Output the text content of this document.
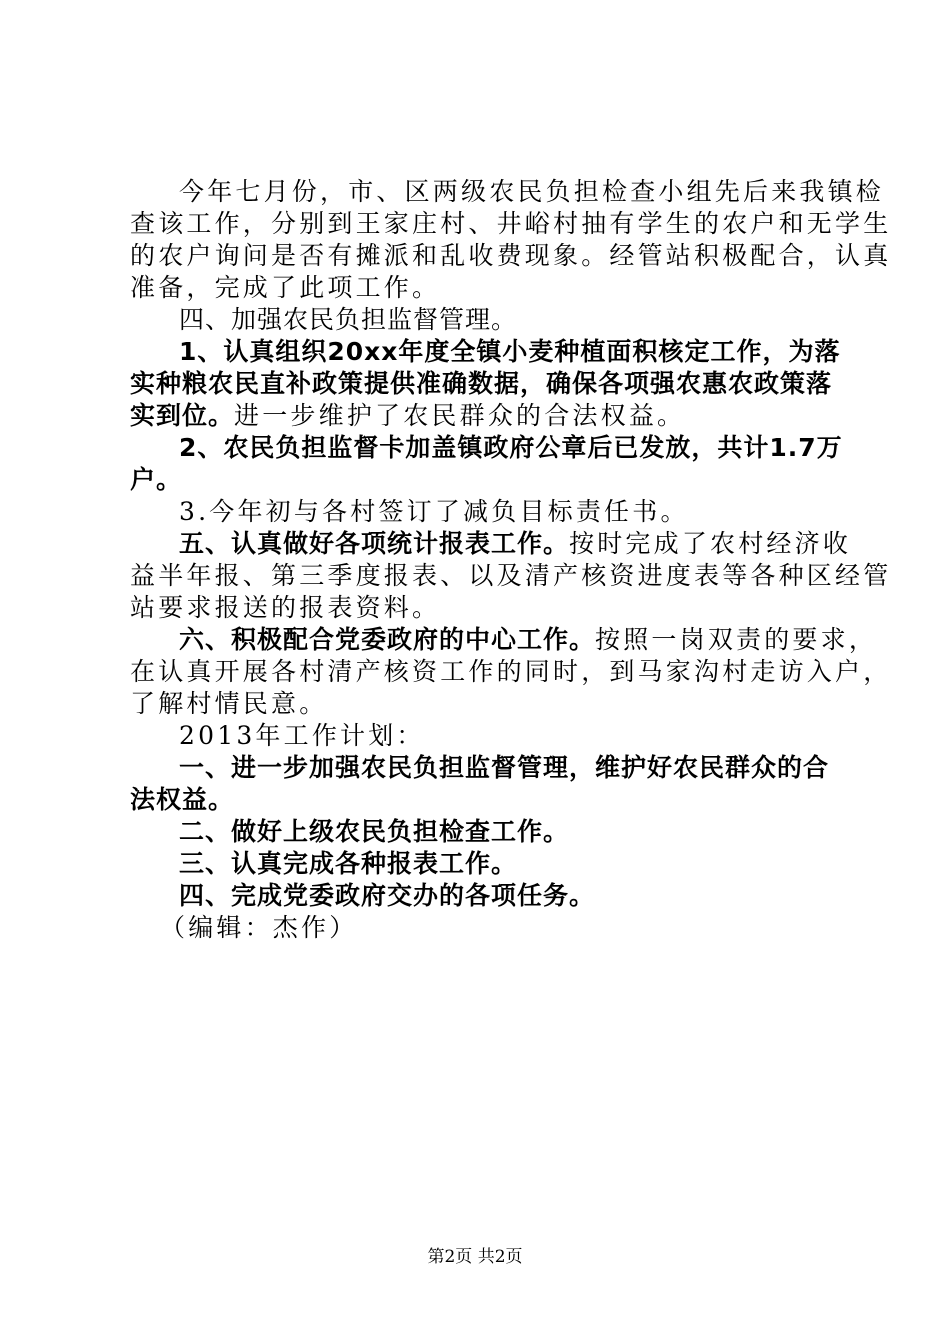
今年七月份，市、区两级农民负担检查小组先后来我镇检
查该工作，分别到王家庄村、井峪村抽有学生的农户和无学生
的农户询问是否有摊派和乱收费现象。经管站积极配合，认真
准备，完成了此项工作。
四、加强农民负担监督管理。
1、认真组织20xx年度全镇小麦种植面积核定工作，为落
实种粮农民直补政策提供准确数据，确保各项强农惠农政策落
实到位。进一步维护了农民群众的合法权益。
2、农民负担监督卡加盖镇政府公章后已发放，共计1.7万
户。
3.今年初与各村签订了减负目标责任书。
五、认真做好各项统计报表工作。按时完成了农村经济收
益半年报、第三季度报表、以及清产核资进度表等各种区经管
站要求报送的报表资料。
六、积极配合党委政府的中心工作。按照一岗双责的要求，
在认真开展各村清产核资工作的同时，到马家沟村走访入户，
了解村情民意。
2013年工作计划：
一、进一步加强农民负担监督管理，维护好农民群众的合
法权益。
二、做好上级农民负担检查工作。
三、认真完成各种报表工作。
四、完成党委政府交办的各项任务。
（编辑：杰作）
第2页 共2页
